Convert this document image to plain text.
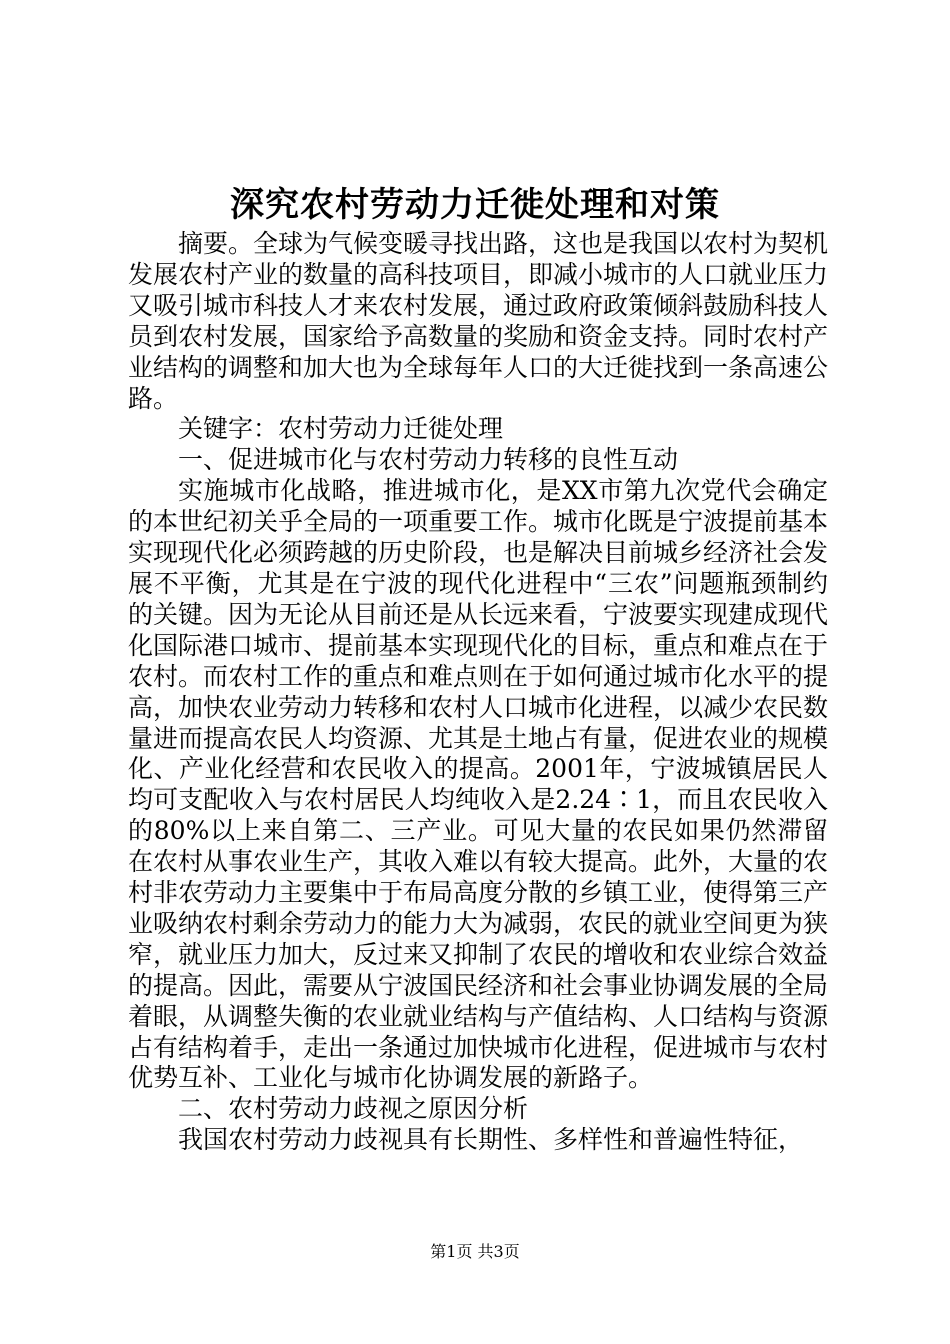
深究农村劳动力迁徙处理和对策

摘要。全球为气候变暖寻找出路，这也是我国以农村为契机发展农村产业的数量的高科技项目，即减小城市的人口就业压力又吸引城市科技人才来农村发展，通过政府政策倾斜鼓励科技人员到农村发展，国家给予高数量的奖励和资金支持。同时农村产业结构的调整和加大也为全球每年人口的大迁徙找到一条高速公路。

关键字：农村劳动力迁徙处理

一、促进城市化与农村劳动力转移的良性互动

实施城市化战略，推进城市化，是XX市第九次党代会确定的本世纪初关乎全局的一项重要工作。城市化既是宁波提前基本实现现代化必须跨越的历史阶段，也是解决目前城乡经济社会发展不平衡，尤其是在宁波的现代化进程中“三农”问题瓶颈制约的关键。因为无论从目前还是从长远来看，宁波要实现建成现代化国际港口城市、提前基本实现现代化的目标，重点和难点在于农村。而农村工作的重点和难点则在于如何通过城市化水平的提高，加快农业劳动力转移和农村人口城市化进程，以减少农民数量进而提高农民人均资源、尤其是土地占有量，促进农业的规模化、产业化经营和农民收入的提高。2001年，宁波城镇居民人均可支配收入与农村居民人均纯收入是2.24∶1，而且农民收入的80%以上来自第二、三产业。可见大量的农民如果仍然滞留在农村从事农业生产，其收入难以有较大提高。此外，大量的农村非农劳动力主要集中于布局高度分散的乡镇工业，使得第三产业吸纳农村剩余劳动力的能力大为减弱，农民的就业空间更为狭窄，就业压力加大，反过来又抑制了农民的增收和农业综合效益的提高。因此，需要从宁波国民经济和社会事业协调发展的全局着眼，从调整失衡的农业就业结构与产值结构、人口结构与资源占有结构着手，走出一条通过加快城市化进程，促进城市与农村优势互补、工业化与城市化协调发展的新路子。

二、农村劳动力歧视之原因分析

我国农村劳动力歧视具有长期性、多样性和普遍性特征，

第1页 共3页
